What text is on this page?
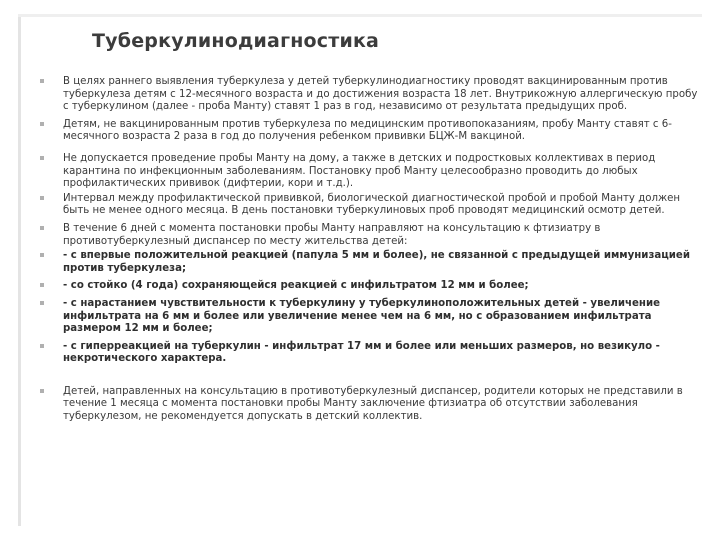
Туберкулинодиагностика
В целях раннего выявления туберкулеза у детей туберкулинодиагностику проводят вакцинированным против туберкулеза детям с 12-месячного возраста и до достижения возраста 18 лет. Внутрикожную аллергическую пробу с туберкулином (далее - проба Манту) ставят 1 раз в год, независимо от результата предыдущих проб.
Детям, не вакцинированным против туберкулеза по медицинским противопоказаниям, пробу Манту ставят с 6-месячного возраста 2 раза в год до получения ребенком прививки БЦЖ-М вакциной.
Не допускается проведение пробы Манту на дому, а также в детских и подростковых коллективах в период карантина по инфекционным заболеваниям. Постановку проб Манту целесообразно проводить до любых профилактических прививок (дифтерии, кори и т.д.).
Интервал между профилактической прививкой, биологической диагностической пробой и пробой Манту должен быть не менее одного месяца. В день постановки туберкулиновых проб проводят медицинский осмотр детей.
В течение 6 дней с момента постановки пробы Манту направляют на консультацию к фтизиатру в противотуберкулезный диспансер по месту жительства детей:
- с впервые положительной реакцией (папула 5 мм и более), не связанной с предыдущей иммунизацией против туберкулеза;
- со стойко (4 года) сохраняющейся реакцией с инфильтратом 12 мм и более;
- с нарастанием чувствительности к туберкулину у туберкулиноположительных детей - увеличение инфильтрата на 6 мм и более или увеличение менее чем на 6 мм, но с образованием инфильтрата размером 12 мм и более;
- с гиперреакцией на туберкулин - инфильтрат 17 мм и более или меньших размеров, но везикуло - некротического характера.
Детей, направленных на консультацию в противотуберкулезный диспансер, родители которых не представили в течение 1 месяца с момента постановки пробы Манту заключение фтизиатра об отсутствии заболевания туберкулезом, не рекомендуется допускать в детский коллектив.
